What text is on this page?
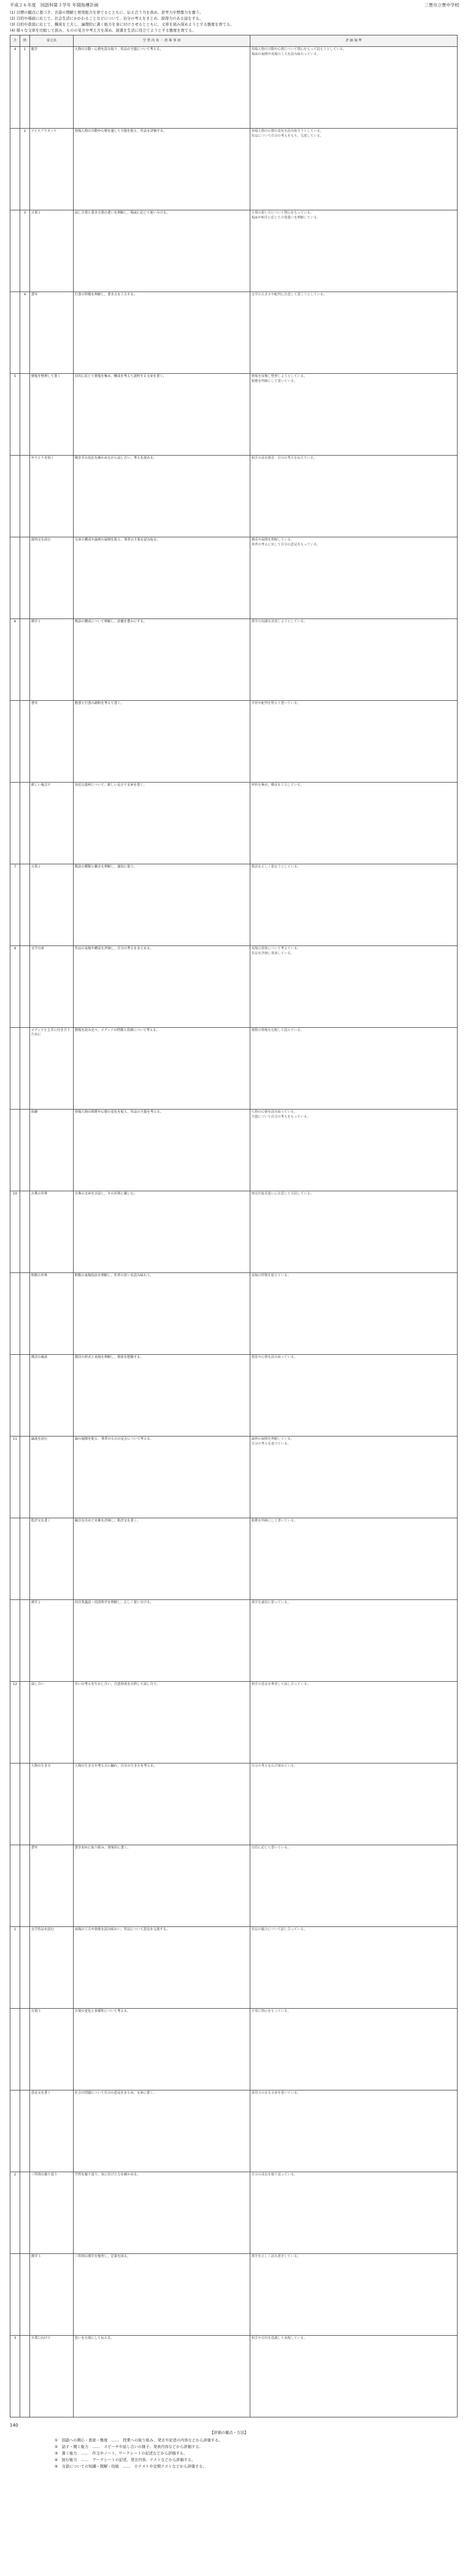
平成２６年度　国語科第３学年 年間指導計画	三豊市立豊中学校
(1) 目標の観点に基づき、言語の理解と使用能力を育てるとともに、伝え合う力を高め、思考力や想像力を養う。
(2) 目的や場面に応じて、社会生活にかかわることなどについて、自分の考えをまとめ、説得力のある話をする。
(3) 目的や意図に応じて、構成を工夫し、論理的に書く能力を身に付けさせるとともに、文章を読み深めようとする態度を育てる。
(4) 様々な文章を比較して読み、ものの見方や考え方を深め、読書を生活に役立てようとする態度を育てる。
月	時	単元名	学 習 内 容 ・ 指 導 事 項	評 価 規 準
4	1	握手	人物の言動・心情を読み取り、作品の主題について考える。	登場人物の言動や心情について関心をもって読もうとしている。
場面の展開や表現の工夫を読み味わっている。

	2	アイスプラネット	登場人物の言動や心情を通して主題を捉え、作品を評価する。	登場人物の心情の変化を読み取ろうとしている。
作品について自分の考えをもち、交流している。

	3	言葉１	話し言葉と書き言葉の違いを理解し、場面に応じて使い分ける。	言葉の使い方について関心をもっている。
場面や相手に応じた言葉遣いを理解している。

	4	書写	行書の特徴を理解し、書き方を工夫する。	文字の大きさや配列に注意して書こうとしている。

5		情報を整理して書く	目的に応じて情報を集め、構成を考えて説明する文章を書く。	情報を収集し整理しようとしている。
根拠を明確にして書いている。

		やりとりを短く	聞き手の反応を確かめながら話し合い、考えを深める。	相手の話を聞き、自分の考えを伝えている。

		説明文を読む	文章の構成や論理の展開を捉え、筆者の主張を読み取る。	構成や展開を理解している。
筆者の考えに対して自分の意見をもっている。

6		漢字１	熟語の構成について理解し、語彙を豊かにする。	漢字の知識を活用しようとしている。

		書写	楷書と行書の調和を考えて書く。	字形や配列を整えて書いている。

		新しい視点で	身近な題材について、新しい見方で文章を書く。	材料を集め、構成を工夫している。

7		言葉２	敬語の種類と働きを理解し、適切に使う。	敬語を正しく使おうとしている。

9		文学の扉	作品の表現や構成を評価し、自分の考えをまとめる。	表現の効果について考えている。
作品を評価し発表している。

		メディアと上手に付き合うために	情報を読み比べ、メディアの特徴と役割について考える。	複数の情報を比較して読んでいる。

		故郷	登場人物の関係や心情の変化を捉え、作品の主題を考える。	人物の心情を読み取っている。
主題について自分の考えをもっている。

10		古典の世界	古典の文章を音読し、その世界に親しむ。	歴史的仮名遣いに注意して音読している。

		和歌の世界	和歌の表現技法を理解し、作者の思いを読み味わう。	表現の特徴を捉えている。

		漢詩の風景	漢詩の形式と表現を理解し、情景を想像する。	情景や心情を読み取っている。

11		論説を読む	論の展開を捉え、筆者のものの見方について考える。	論理の展開を理解している。
自分の考えを述べている。

		批評文を書く	観点を決めて対象を評価し、批評文を書く。	根拠を明確にして書いている。

		漢字２	同音異義語・同訓異字を理解し、正しく使い分ける。	漢字を適切に使っている。

12		話し合い	互いの考えを生かし合い、合意形成を目指して話し合う。	相手の意見を尊重して話し合っている。

		人物の生き方	人物の生き方や考え方に触れ、自分の生き方を考える。	自分の考えを広げ深めている。

		書写	書き初めに取り組み、効果的に書く。	目的に応じて書いている。

1		文学作品を読む	表現の工夫や効果を読み味わい、作品について意見を交流する。	作品の魅力について話し合っている。

		言葉３	言葉の変化と多様性について考える。	言葉に関心をもっている。

		意見文を書く	社会の問題について自分の意見をまとめ、文章に書く。	説得力のある文章を書いている。

2		三年間の振り返り	学習を振り返り、身に付けた力を確かめる。	自分の成長を振り返っている。

		漢字３	三年間の漢字を復習し、定着を図る。	漢字を正しく読み書きしている。

3		卒業に向けて	思いを言葉にして伝える。	相手や目的を意識して表現している。
140
【評価の観点・方法】
①　国語への関心・意欲・態度　……　授業への取り組み、発言や記述の内容などから評価する。
②　話す・聞く能力　……　スピーチや話し合いの様子、発表内容などから評価する。
③　書く能力　……　作文やノート、ワークシートの記述などから評価する。
④　読む能力　……　ワークシートの記述、発言内容、テストなどから評価する。
⑤　言語についての知識・理解・技能　……　小テストや定期テストなどから評価する。
